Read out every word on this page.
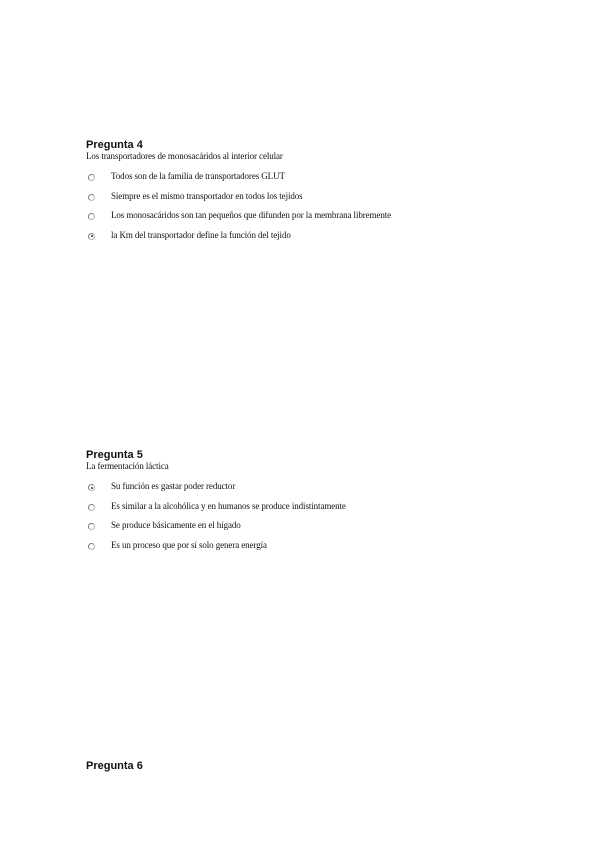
Pregunta 4

Los transportadores de monosacáridos al interior celular

Todos son de la familia de transportadores GLUT
Siempre es el mismo transportador en todos los tejidos
Los monosacáridos son tan pequeños que difunden por la membrana libremente
la Km del transportador define la función del tejido

Pregunta 5

La fermentación láctica

Su función es gastar poder reductor
Es similar a la alcohólica y en humanos se produce indistintamente
Se produce básicamente en el hígado
Es un proceso que por sí solo genera energía

Pregunta 6
